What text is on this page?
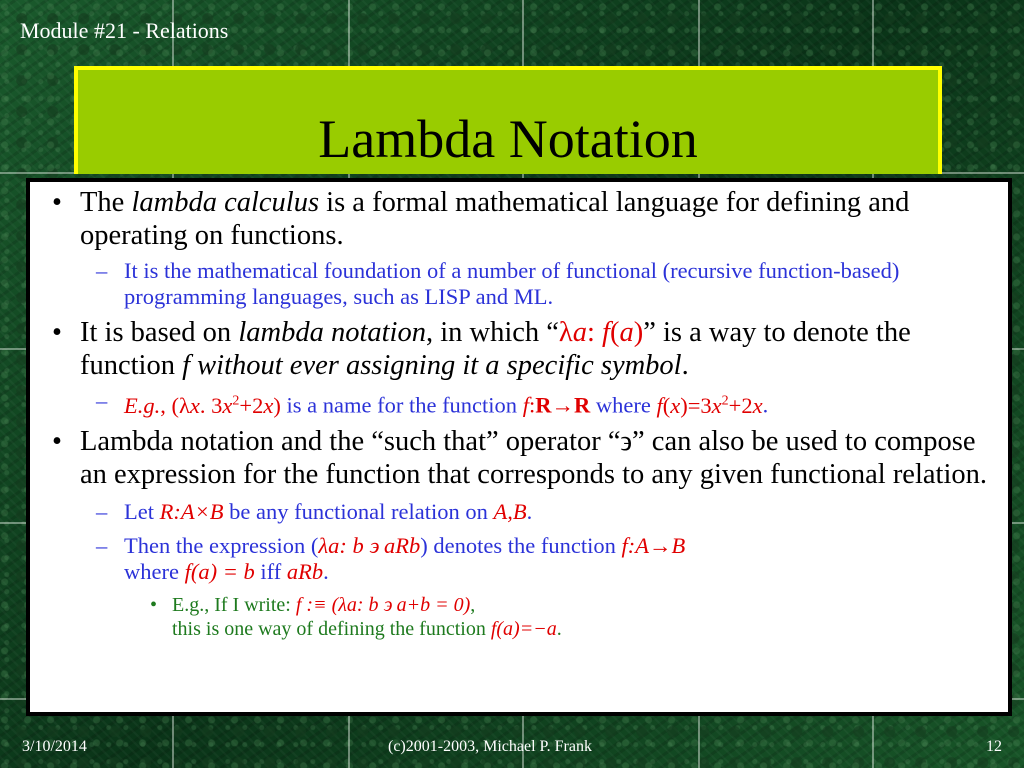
Module #21 - Relations
Lambda Notation
• The lambda calculus is a formal mathematical language for defining and operating on functions.
– It is the mathematical foundation of a number of functional (recursive function-based) programming languages, such as LISP and ML.
• It is based on lambda notation, in which “λa: f(a)” is a way to denote the function f without ever assigning it a specific symbol.
– E.g., (λx. $3x^2+2x$) is a name for the function f:R→R where $f(x)=3x^2+2x$.
• Lambda notation and the “such that” operator “϶” can also be used to compose an expression for the function that corresponds to any given functional relation.
– Let R:A×B be any functional relation on A,B.
– Then the expression (λa: b ϶ aRb) denotes the function f:A→B
where f(a) = b iff aRb.
• E.g., If I write: f :≡ (λa: b ϶ a+b = 0),
this is one way of defining the function f(a)=−a.
3/10/2014	(c)2001-2003, Michael P. Frank	12
